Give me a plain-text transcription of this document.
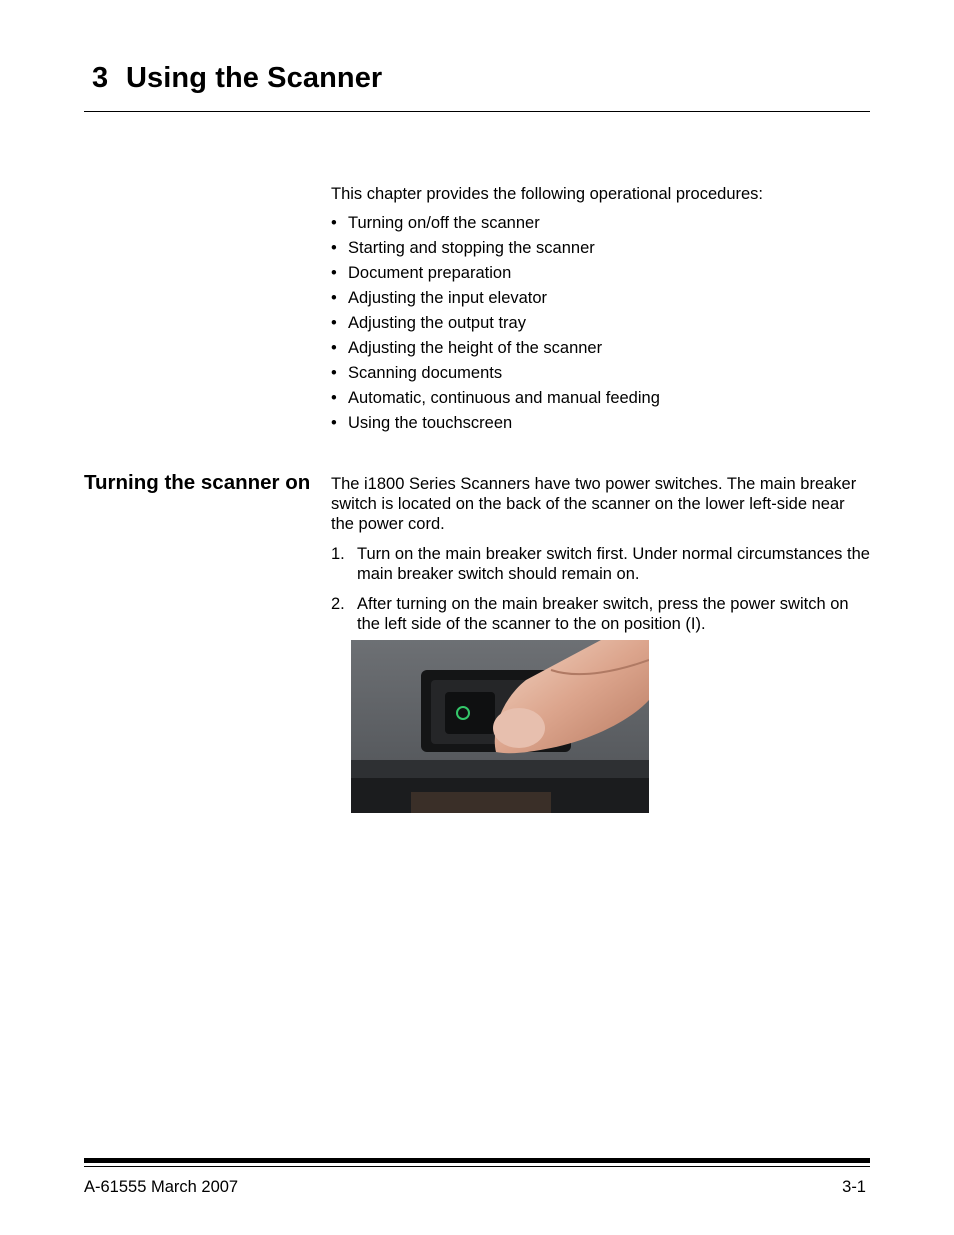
3 Using the Scanner

This chapter provides the following operational procedures:

• Turning on/off the scanner
• Starting and stopping the scanner
• Document preparation
• Adjusting the input elevator
• Adjusting the output tray
• Adjusting the height of the scanner
• Scanning documents
• Automatic, continuous and manual feeding
• Using the touchscreen
Turning the scanner on The i1800 Series Scanners have two power switches. The main breaker switch is located on the back of the scanner on the lower left-side near the power cord.

1. Turn on the main breaker switch first. Under normal circumstances the main breaker switch should remain on.
2. After turning on the main breaker switch, press the power switch on the left side of the scanner to the on position (I).
A-61555 March 2007	3-1
